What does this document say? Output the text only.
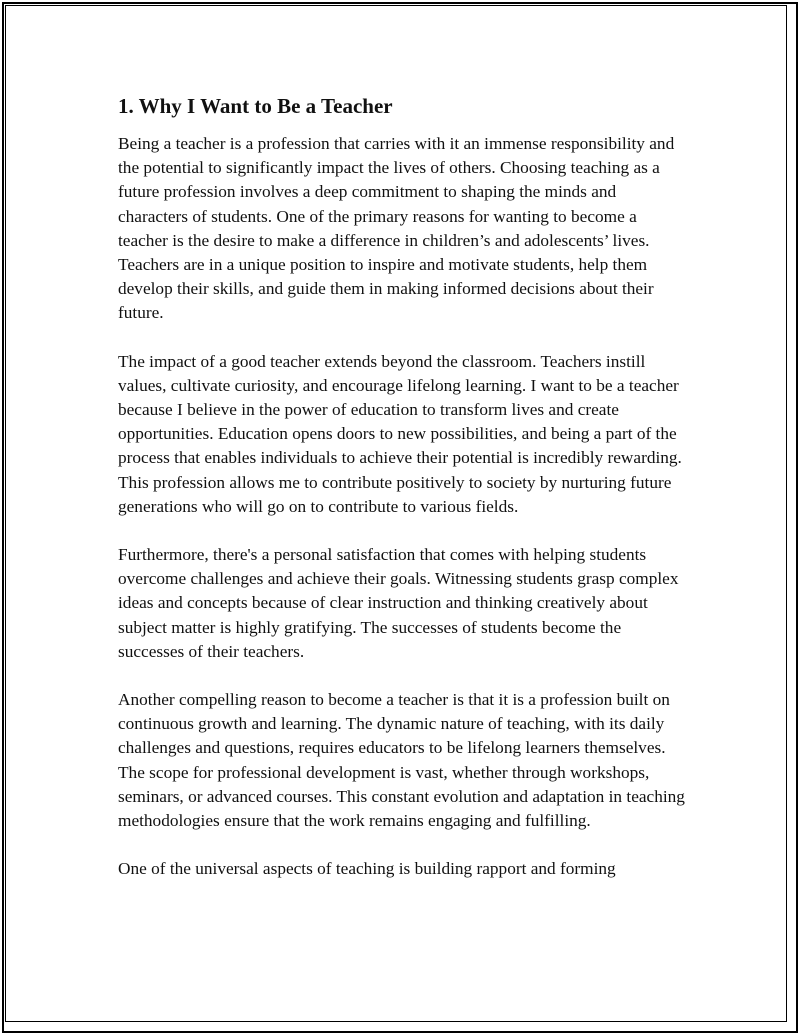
1. Why I Want to Be a Teacher

Being a teacher is a profession that carries with it an immense responsibility and the potential to significantly impact the lives of others. Choosing teaching as a future profession involves a deep commitment to shaping the minds and characters of students. One of the primary reasons for wanting to become a teacher is the desire to make a difference in children’s and adolescents’ lives. Teachers are in a unique position to inspire and motivate students, help them develop their skills, and guide them in making informed decisions about their future.

The impact of a good teacher extends beyond the classroom. Teachers instill values, cultivate curiosity, and encourage lifelong learning. I want to be a teacher because I believe in the power of education to transform lives and create opportunities. Education opens doors to new possibilities, and being a part of the process that enables individuals to achieve their potential is incredibly rewarding. This profession allows me to contribute positively to society by nurturing future generations who will go on to contribute to various fields.

Furthermore, there's a personal satisfaction that comes with helping students overcome challenges and achieve their goals. Witnessing students grasp complex ideas and concepts because of clear instruction and thinking creatively about subject matter is highly gratifying. The successes of students become the successes of their teachers.

Another compelling reason to become a teacher is that it is a profession built on continuous growth and learning. The dynamic nature of teaching, with its daily challenges and questions, requires educators to be lifelong learners themselves. The scope for professional development is vast, whether through workshops, seminars, or advanced courses. This constant evolution and adaptation in teaching methodologies ensure that the work remains engaging and fulfilling.

One of the universal aspects of teaching is building rapport and forming
